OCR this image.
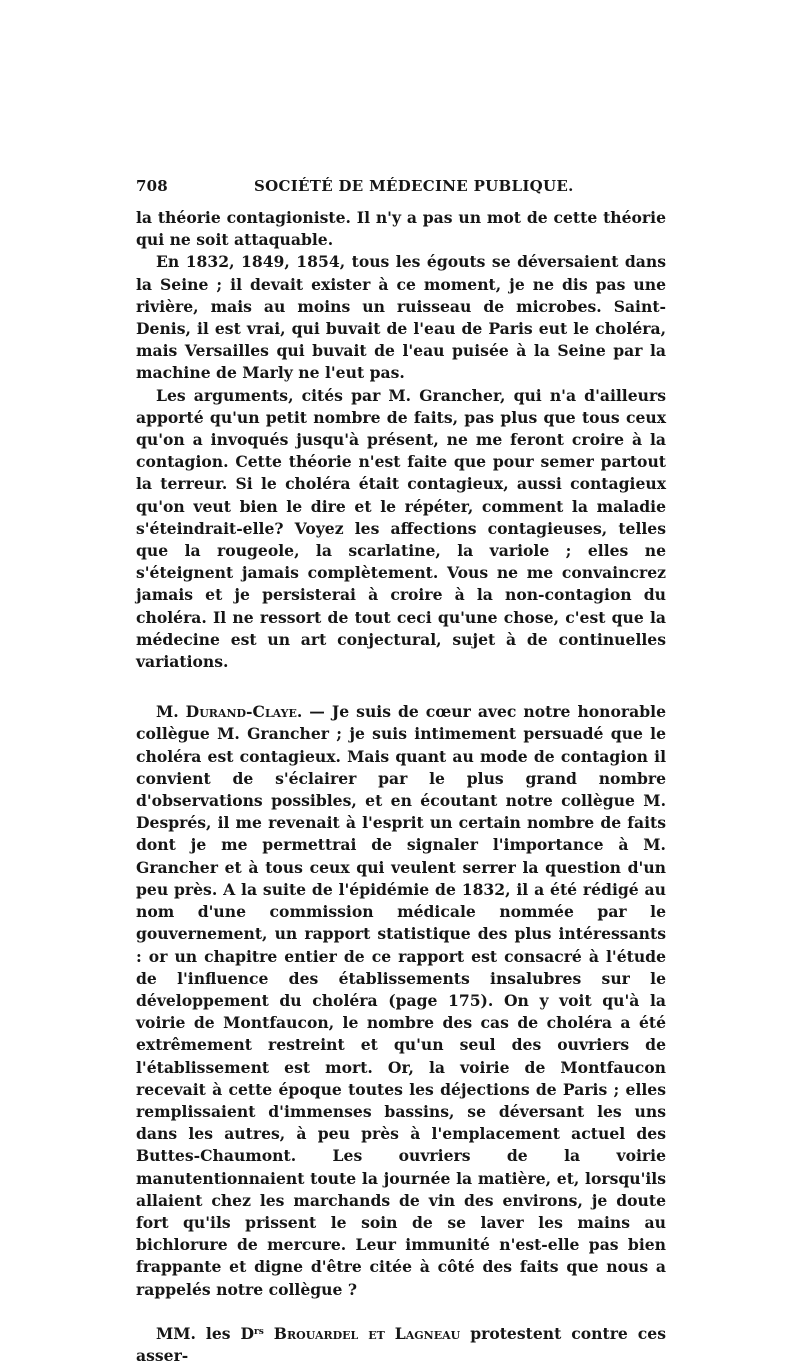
708	SOCIÉTÉ DE MÉDECINE PUBLIQUE.

la théorie contagioniste. Il n'y a pas un mot de cette théorie qui ne soit attaquable.

En 1832, 1849, 1854, tous les égouts se déversaient dans la Seine ; il devait exister à ce moment, je ne dis pas une rivière, mais au moins un ruisseau de microbes. Saint-Denis, il est vrai, qui buvait de l'eau de Paris eut le choléra, mais Versailles qui buvait de l'eau puisée à la Seine par la machine de Marly ne l'eut pas.

Les arguments, cités par M. Grancher, qui n'a d'ailleurs apporté qu'un petit nombre de faits, pas plus que tous ceux qu'on a invoqués jusqu'à présent, ne me feront croire à la contagion. Cette théorie n'est faite que pour semer partout la terreur. Si le choléra était contagieux, aussi contagieux qu'on veut bien le dire et le répéter, comment la maladie s'éteindrait-elle? Voyez les affections contagieuses, telles que la rougeole, la scarlatine, la variole ; elles ne s'éteignent jamais complètement. Vous ne me convaincrez jamais et je persisterai à croire à la non-contagion du choléra. Il ne ressort de tout ceci qu'une chose, c'est que la médecine est un art conjectural, sujet à de continuelles variations.

M. Durand-Claye. — Je suis de cœur avec notre honorable collègue M. Grancher ; je suis intimement persuadé que le choléra est contagieux. Mais quant au mode de contagion il convient de s'éclairer par le plus grand nombre d'observations possibles, et en écoutant notre collègue M. Després, il me revenait à l'esprit un certain nombre de faits dont je me permettrai de signaler l'importance à M. Grancher et à tous ceux qui veulent serrer la question d'un peu près. A la suite de l'épidémie de 1832, il a été rédigé au nom d'une commission médicale nommée par le gouvernement, un rapport statistique des plus intéressants : or un chapitre entier de ce rapport est consacré à l'étude de l'influence des établissements insalubres sur le développement du choléra (page 175). On y voit qu'à la voirie de Montfaucon, le nombre des cas de choléra a été extrêmement restreint et qu'un seul des ouvriers de l'établissement est mort. Or, la voirie de Montfaucon recevait à cette époque toutes les déjections de Paris ; elles remplissaient d'immenses bassins, se déversant les uns dans les autres, à peu près à l'emplacement actuel des Buttes-Chaumont. Les ouvriers de la voirie manutentionnaient toute la journée la matière, et, lorsqu'ils allaient chez les marchands de vin des environs, je doute fort qu'ils prissent le soin de se laver les mains au bichlorure de mercure. Leur immunité n'est-elle pas bien frappante et digne d'être citée à côté des faits que nous a rappelés notre collègue ?

MM. les $D^{rs}$ Brouardel et Lagneau protestent contre ces asser-
